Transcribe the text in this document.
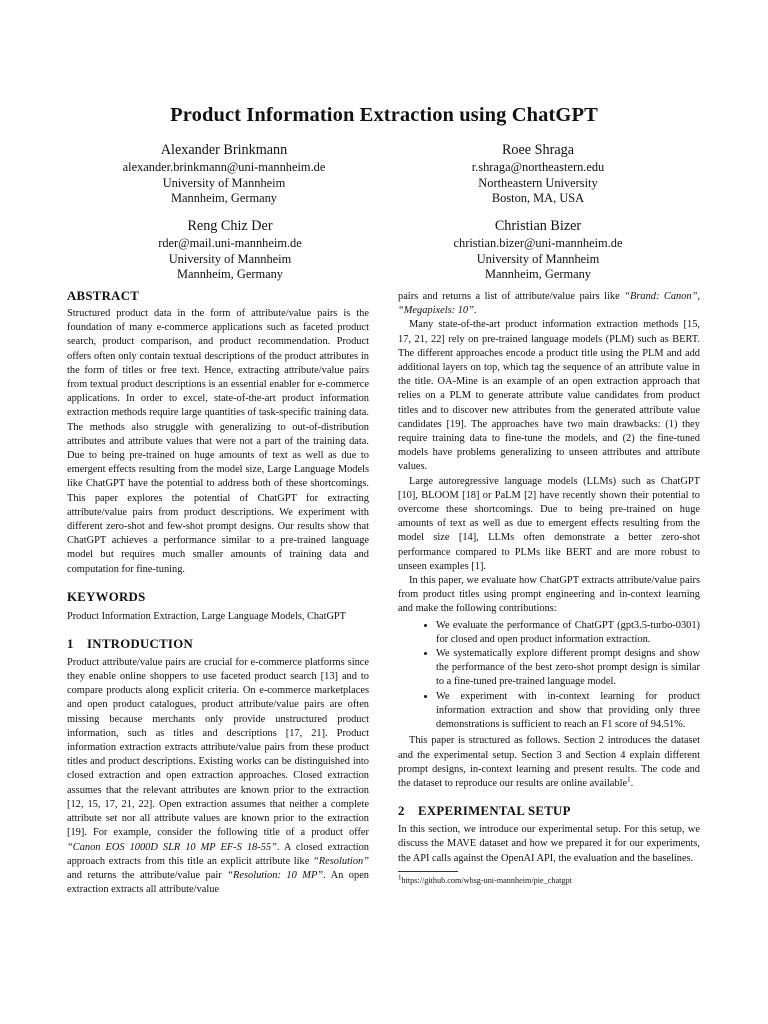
Product Information Extraction using ChatGPT
Alexander Brinkmann
alexander.brinkmann@uni-mannheim.de
University of Mannheim
Mannheim, Germany
Roee Shraga
r.shraga@northeastern.edu
Northeastern University
Boston, MA, USA
Reng Chiz Der
rder@mail.uni-mannheim.de
University of Mannheim
Mannheim, Germany
Christian Bizer
christian.bizer@uni-mannheim.de
University of Mannheim
Mannheim, Germany
ABSTRACT

Structured product data in the form of attribute/value pairs is the foundation of many e-commerce applications such as faceted product search, product comparison, and product recommendation. Product offers often only contain textual descriptions of the product attributes in the form of titles or free text. Hence, extracting attribute/value pairs from textual product descriptions is an essential enabler for e-commerce applications. In order to excel, state-of-the-art product information extraction methods require large quantities of task-specific training data. The methods also struggle with generalizing to out-of-distribution attributes and attribute values that were not a part of the training data. Due to being pre-trained on huge amounts of text as well as due to emergent effects resulting from the model size, Large Language Models like ChatGPT have the potential to address both of these shortcomings. This paper explores the potential of ChatGPT for extracting attribute/value pairs from product descriptions. We experiment with different zero-shot and few-shot prompt designs. Our results show that ChatGPT achieves a performance similar to a pre-trained language model but requires much smaller amounts of training data and computation for fine-tuning.

KEYWORDS

Product Information Extraction, Large Language Models, ChatGPT

1 INTRODUCTION

Product attribute/value pairs are crucial for e-commerce platforms since they enable online shoppers to use faceted product search [13] and to compare products along explicit criteria. On e-commerce marketplaces and open product catalogues, product attribute/value pairs are often missing because merchants only provide unstructured product information, such as titles and descriptions [17, 21]. Product information extraction extracts attribute/value pairs from these product titles and product descriptions. Existing works can be distinguished into closed extraction and open extraction approaches. Closed extraction assumes that the relevant attributes are known prior to the extraction [12, 15, 17, 21, 22]. Open extraction assumes that neither a complete attribute set nor all attribute values are known prior to the extraction [19]. For example, consider the following title of a product offer “Canon EOS 1000D SLR 10 MP EF-S 18-55”. A closed extraction approach extracts from this title an explicit attribute like “Resolution” and returns the attribute/value pair “Resolution: 10 MP”. An open extraction extracts all attribute/value

pairs and returns a list of attribute/value pairs like “Brand: Canon”, “Megapixels: 10”.

Many state-of-the-art product information extraction methods [15, 17, 21, 22] rely on pre-trained language models (PLM) such as BERT. The different approaches encode a product title using the PLM and add additional layers on top, which tag the sequence of an attribute value in the title. OA-Mine is an example of an open extraction approach that relies on a PLM to generate attribute value candidates from product titles and to discover new attributes from the generated attribute value candidates [19]. The approaches have two main drawbacks: (1) they require training data to fine-tune the models, and (2) the fine-tuned models have problems generalizing to unseen attributes and attribute values.

Large autoregressive language models (LLMs) such as ChatGPT [10], BLOOM [18] or PaLM [2] have recently shown their potential to overcome these shortcomings. Due to being pre-trained on huge amounts of text as well as due to emergent effects resulting from the model size [14], LLMs often demonstrate a better zero-shot performance compared to PLMs like BERT and are more robust to unseen examples [1].

In this paper, we evaluate how ChatGPT extracts attribute/value pairs from product titles using prompt engineering and in-context learning and make the following contributions:

• We evaluate the performance of ChatGPT (gpt3.5-turbo-0301) for closed and open product information extraction.
• We systematically explore different prompt designs and show the performance of the best zero-shot prompt design is similar to a fine-tuned pre-trained language model.
• We experiment with in-context learning for product information extraction and show that providing only three demonstrations is sufficient to reach an F1 score of 94.51%.

This paper is structured as follows. Section 2 introduces the dataset and the experimental setup. Section 3 and Section 4 explain different prompt designs, in-context learning and present results. The code and the dataset to reproduce our results are online available$^1$.

2 EXPERIMENTAL SETUP

In this section, we introduce our experimental setup. For this setup, we discuss the MAVE dataset and how we prepared it for our experiments, the API calls against the OpenAI API, the evaluation and the baselines.

$^1$https://github.com/wbsg-uni-mannheim/pie_chatgpt
